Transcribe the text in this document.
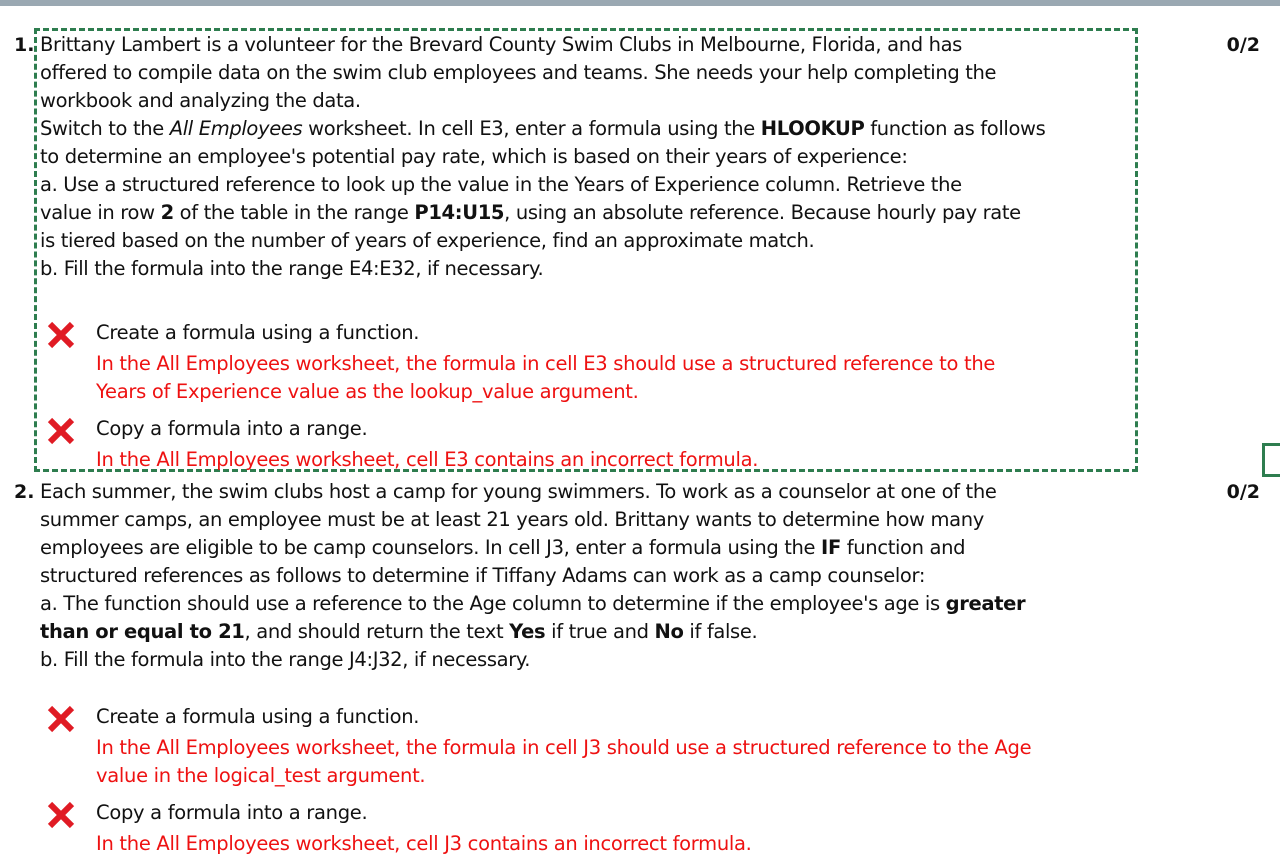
1.	0/2

Brittany Lambert is a volunteer for the Brevard County Swim Clubs in Melbourne, Florida, and has

offered to compile data on the swim club employees and teams. She needs your help completing the

workbook and analyzing the data.

Switch to the All Employees worksheet. In cell E3, enter a formula using the HLOOKUP function as follows

to determine an employee's potential pay rate, which is based on their years of experience:

a. Use a structured reference to look up the value in the Years of Experience column. Retrieve the

value in row 2 of the table in the range P14:U15, using an absolute reference. Because hourly pay rate

is tiered based on the number of years of experience, find an approximate match.

b. Fill the formula into the range E4:E32, if necessary.

Create a formula using a function.

In the All Employees worksheet, the formula in cell E3 should use a structured reference to the

Years of Experience value as the lookup_value argument.

Copy a formula into a range.

In the All Employees worksheet, cell E3 contains an incorrect formula.

2.	0/2

Each summer, the swim clubs host a camp for young swimmers. To work as a counselor at one of the

summer camps, an employee must be at least 21 years old. Brittany wants to determine how many

employees are eligible to be camp counselors. In cell J3, enter a formula using the IF function and

structured references as follows to determine if Tiffany Adams can work as a camp counselor:

a. The function should use a reference to the Age column to determine if the employee's age is greater

than or equal to 21, and should return the text Yes if true and No if false.

b. Fill the formula into the range J4:J32, if necessary.

Create a formula using a function.

In the All Employees worksheet, the formula in cell J3 should use a structured reference to the Age

value in the logical_test argument.

Copy a formula into a range.

In the All Employees worksheet, cell J3 contains an incorrect formula.
